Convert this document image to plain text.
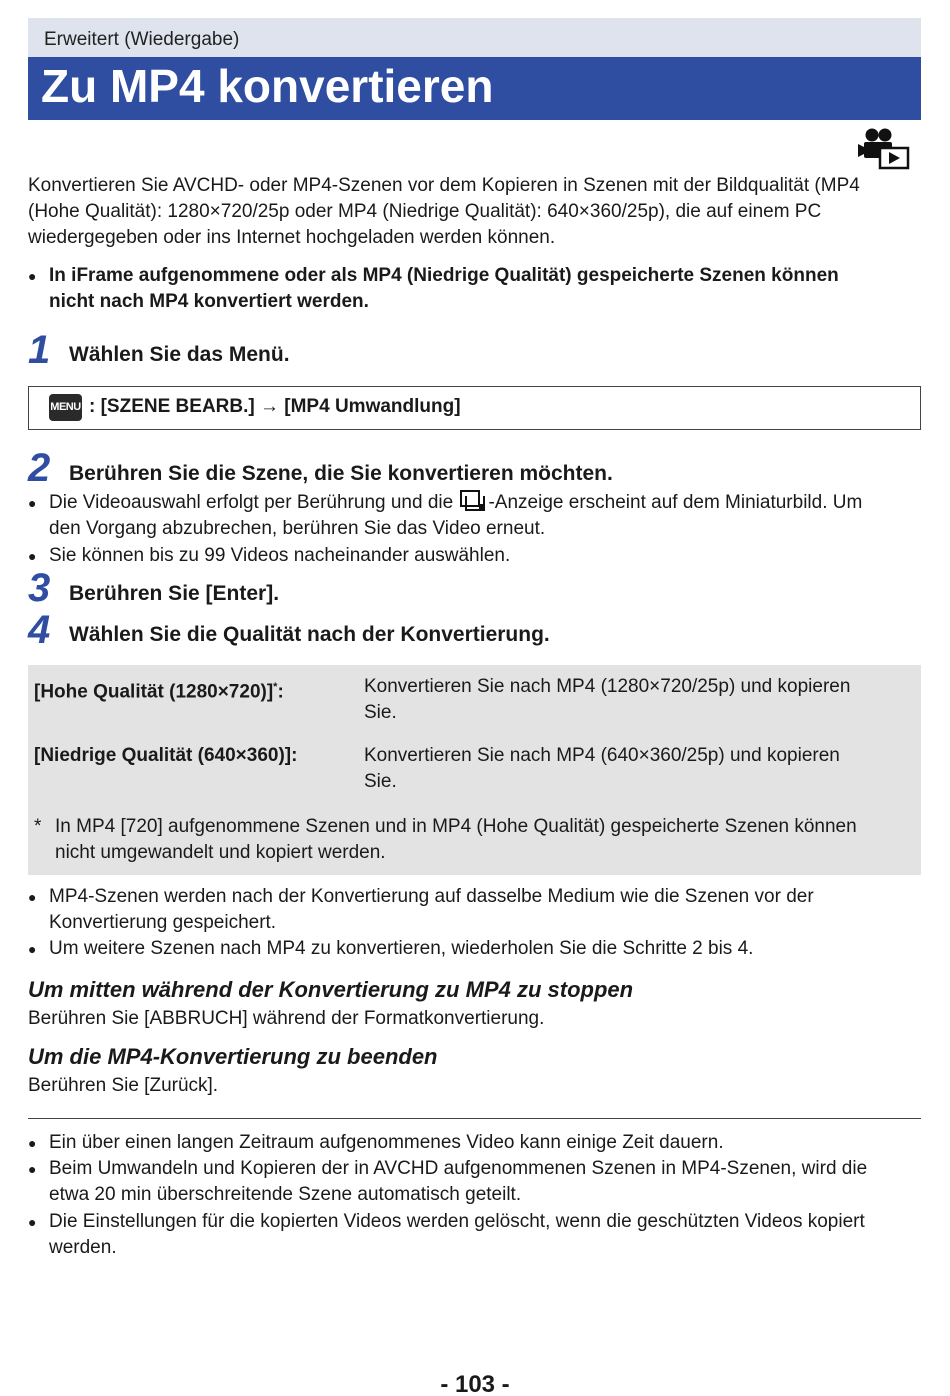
Erweitert (Wiedergabe)
Zu MP4 konvertieren
Konvertieren Sie AVCHD- oder MP4-Szenen vor dem Kopieren in Szenen mit der Bildqualität (MP4
(Hohe Qualität): 1280×720/25p oder MP4 (Niedrige Qualität): 640×360/25p), die auf einem PC
wiedergegeben oder ins Internet hochgeladen werden können.
● In iFrame aufgenommene oder als MP4 (Niedrige Qualität) gespeicherte Szenen können
nicht nach MP4 konvertiert werden.
1 Wählen Sie das Menü.
MENU : [SZENE BEARB.] → [MP4 Umwandlung]
2 Berühren Sie die Szene, die Sie konvertieren möchten.
● Die Videoauswahl erfolgt per Berührung und die -Anzeige erscheint auf dem Miniaturbild. Um
den Vorgang abzubrechen, berühren Sie das Video erneut.
● Sie können bis zu 99 Videos nacheinander auswählen.
3 Berühren Sie [Enter].
4 Wählen Sie die Qualität nach der Konvertierung.
[Hohe Qualität (1280×720)]*:	Konvertieren Sie nach MP4 (1280×720/25p) und kopieren
Sie.
[Niedrige Qualität (640×360)]:	Konvertieren Sie nach MP4 (640×360/25p) und kopieren
Sie.
* In MP4 [720] aufgenommene Szenen und in MP4 (Hohe Qualität) gespeicherte Szenen können
nicht umgewandelt und kopiert werden.
● MP4-Szenen werden nach der Konvertierung auf dasselbe Medium wie die Szenen vor der
Konvertierung gespeichert.
● Um weitere Szenen nach MP4 zu konvertieren, wiederholen Sie die Schritte 2 bis 4.
Um mitten während der Konvertierung zu MP4 zu stoppen
Berühren Sie [ABBRUCH] während der Formatkonvertierung.
Um die MP4-Konvertierung zu beenden
Berühren Sie [Zurück].
● Ein über einen langen Zeitraum aufgenommenes Video kann einige Zeit dauern.
● Beim Umwandeln und Kopieren der in AVCHD aufgenommenen Szenen in MP4-Szenen, wird die
etwa 20 min überschreitende Szene automatisch geteilt.
● Die Einstellungen für die kopierten Videos werden gelöscht, wenn die geschützten Videos kopiert
werden.
- 103 -
